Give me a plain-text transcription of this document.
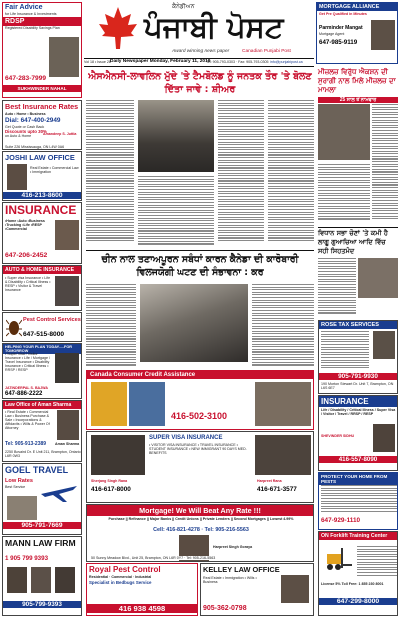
Fair Advice
for Life Insurance & Investments
RDSP
Registered Disability Savings Plan
647-283-7999
SUKHWINDER NAHAL
ਕੈਨੇਡੀਅਨ
ਪੰਜਾਬੀ ਪੋਸਟ
Award winning news paper	Canadian Punjabi Post
Vol 18 • Issue 28 Daily Newspaper Monday, February 11, 2019
Tel: 905-793-0303 · Fax: 905-793-0305 info@punjabipost.ca
MORTGAGE ALLIANCE
Get Pre Qualified in Minutes
Parminder Mangat
Mortgage Agent
647-985-9119
Best Insurance Rates
Auto • Home • Business
Dial: 647-400-2949
Get Quote or Cash Back
Discounts upto 30%
on Auto & Home	Amandeep S. Juttla
Suite 226 Mississauga, ON L4W 0A6
JOSHI LAW OFFICE
Real Estate • Commercial Law • Immigration
416-213-8600
INSURANCE
•Home •Auto •Business •Trucking •Life •RESP •Commercial
647-206-2452
AUTO & HOME INSURANCE
• Super visa Insurance • Life & Disability • Critical Illness • RESP • Visitor & Travel Insurance
Pest Control Services
647-515-8000
HELPING YOUR PLAN TODAY.....FOR TOMORROW
• Super Visa / Visitor Insurance • Life / Mortgage / Travel Insurance • Disability Insurance • Critical Illness • RRSP / RESP
JATINDERPAL S. BAJWA
647-886-2222
Law Office of Aman Sharma
• Real Estate • Commercial Law • Business Purchase & Sale • Incorporations & Affidavits • Wills & Power Of Attorney
Tel: 905-913-2389 Aman Sharma
2250 Bovaird Dr. E Unit 211, Brampton, Ontario L6R 0W3
GOEL TRAVEL
Low Rates
Best Service
905-791-7669
MANN LAW FIRM
1 905 799 9393
905-799-9393
ਐਸਐਨਸੀ-ਲਾਵਲਿਨ ਮੁੱਦੇ 'ਤੇ ਟੈਮਬੋਲਡ ਨੂੰ ਜਨਤਕ ਤੌਰ 'ਤੇ ਬੋਲਣ ਦਿੱਤਾ ਜਾਵੇ : ਸ਼ੀਅਰ
ਚੀਨ ਨਾਲ ਤਣਾਅਪੂਰਨ ਸਬੰਧਾਂ ਕਾਰਨ ਕੈਨੇਡਾ ਦੀ ਕਾਰੋਬਾਰੀ ਵਿਲਜਯੋਗੀ ਘਟਣ ਦੀ ਸੰਭਾਵਨਾ : ਕਰ
Canada Consumer Credit Assistance
416-502-3100
SUPER VISA INSURANCE
• VISITOR VISA INSURANCE • TRAVEL INSURANCE • STUDENT INSURANCE • NEW IMMIGRANT 90 DAYS MED. BENEFITS
Sherjang Singh Rana
416-617-8000
Harpreet Rana
416-671-3577
Mortgage! We Will Beat Any Rate !!!
Purchase || Refinance || Major Banks || Credit Unions || Private Lenders || Second Mortgages || Lowest 4.99%
Cell: 416-821-4278 · Tel: 905-216-5563
Harpreet Singh Goraya
50 Sunny Meadow Blvd., Unit 25, Brampton, ON L6R 0Y7 · Tel: 905-216-5563
Royal Pest Control
Residential · Commercial · Industrial
Specialist in Bedbugs Service
416 938 4598
KELLEY LAW OFFICE
Real Estate • Immigration • Wills • Business
905-362-0798
ਮੀਜ਼ਲਜ਼ ਵਿਰੁੱਧ ਐਕਸ਼ਨ ਦੀ ਸੁਰਾਗੀ ਨਾਲ ਮਿਲੇ ਮੀਜ਼ਲਜ਼ ਦਾ ਮਾਮਲਾ
25 ਸਾਲ ਤੋਂ ਨਾਮਵਾਰ
ਵਿਧਾਨ ਸਭਾ ਚੋਣਾਂ 'ਤੇ ਕਮੀ ਹੈ ਲਾਗੂ ਗੁਆਚਿਆ ਆਦਿ ਵਿੱਚ ਸਹੀ ਸਿਹਤਮੰਦ
ROSE TAX SERVICES
905-791-9930
190 Morton Stewart Dr. Unit 7, Brampton, ON L6S 6E7
INSURANCE
Life / Disability / Critical Illness / Super Visa / Visitor / Travel / RRSP / RESP
SHEVINDER SIDHU
416-557-8090
PROTECT YOUR HOME FROM PESTS
647-929-1110
ON Forklift Training Center
License 5% Toll Free: 1 855 230 8001
647-299-8000
